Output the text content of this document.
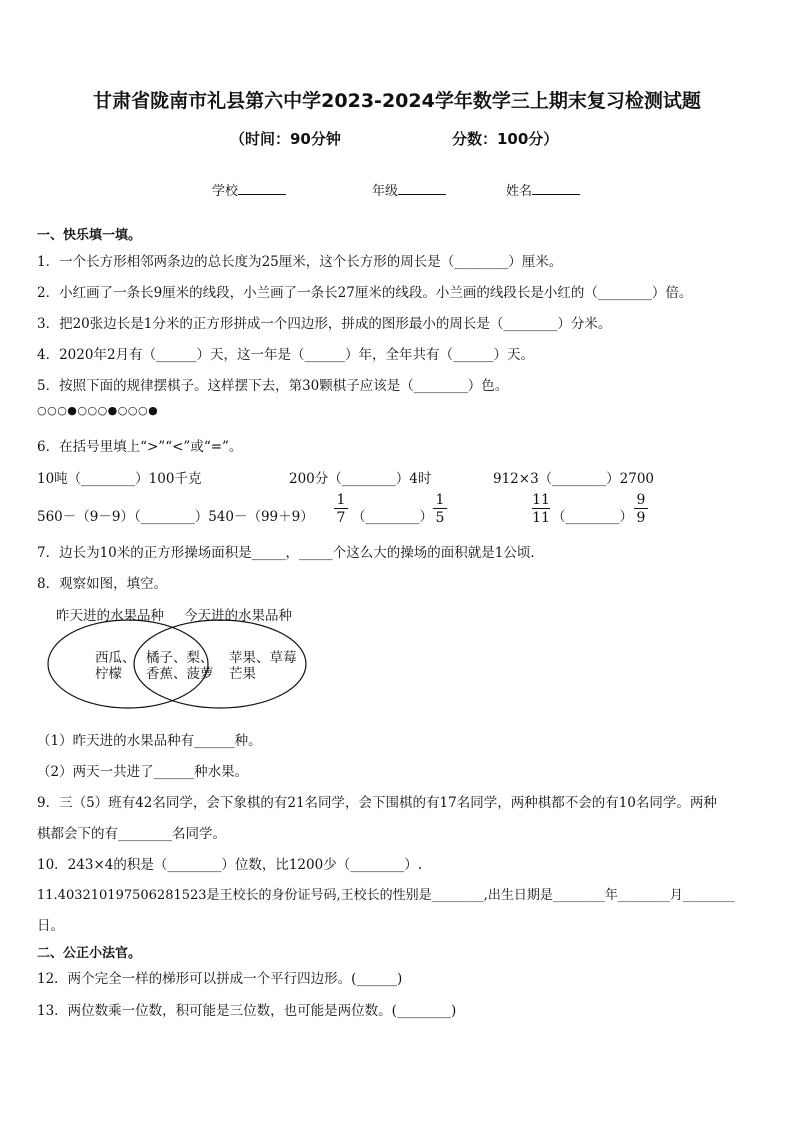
甘肃省陇南市礼县第六中学2023-2024学年数学三上期末复习检测试题
（时间：90分钟	分数：100分）
学校	年级	姓名
一、快乐填一填。
1．一个长方形相邻两条边的总长度为25厘米，这个长方形的周长是（________）厘米。
2．小红画了一条长9厘米的线段，小兰画了一条长27厘米的线段。小兰画的线段长是小红的（________）倍。
3．把20张边长是1分米的正方形拼成一个四边形，拼成的图形最小的周长是（________）分米。
4．2020年2月有（______）天，这一年是（______）年，全年共有（______）天。
5．按照下面的规律摆棋子。这样摆下去，第30颗棋子应该是（________）色。
○○○●○○○●○○○●
6．在括号里填上“>”“<”或“=”。
10吨（________）100千克	200分（________）4时	912×3（________）2700
560－（9－9）（________）540－（99＋9） $\frac{1}{7}$ （________） $\frac{1}{5}$	$\frac{11}{11}$ （________） $\frac{9}{9}$
7．边长为10米的正方形操场面积是_____，_____个这么大的操场的面积就是1公顷．
8．观察如图，填空。
昨天进的水果品种 今天进的水果品种
西瓜、
柠檬
橘子、梨、
香蕉、菠萝
苹果、草莓
芒果
（1）昨天进的水果品种有______种。
（2）两天一共进了______种水果。
9．三（5）班有42名同学，会下象棋的有21名同学，会下围棋的有17名同学，两种棋都不会的有10名同学。两种
棋都会下的有________名同学。
10．243×4的积是（________）位数，比1200少（________）.
11.403210197506281523是王校长的身份证号码,王校长的性别是________,出生日期是________年________月________
日。
二、公正小法官。
12．两个完全一样的梯形可以拼成一个平行四边形。(______)
13．两位数乘一位数，积可能是三位数，也可能是两位数。(________)
